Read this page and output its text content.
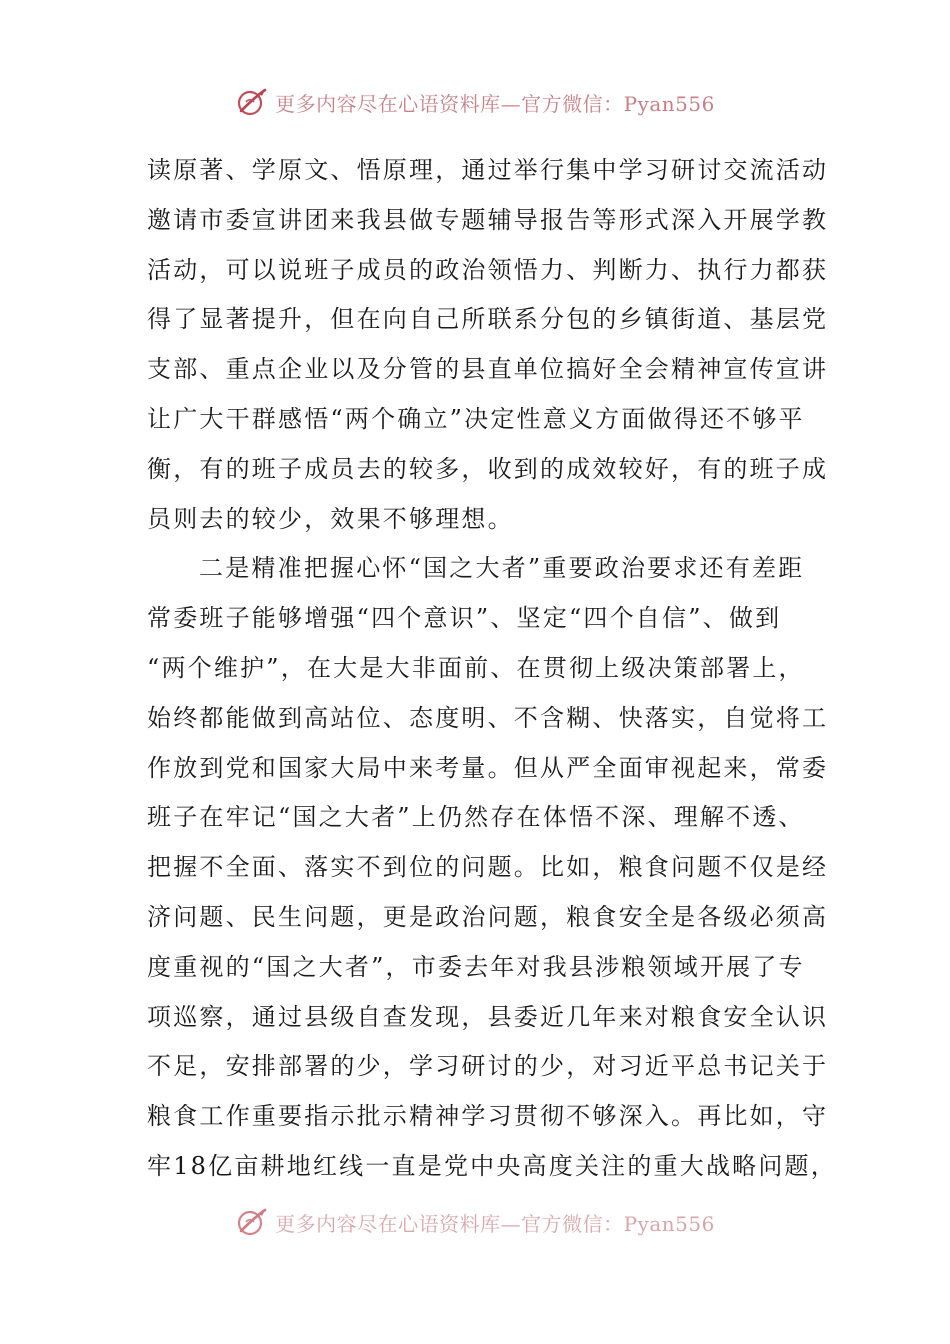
更多内容尽在心语资料库—官方微信：Pyan556
读原著、学原文、悟原理，通过举行集中学习研讨交流活动
邀请市委宣讲团来我县做专题辅导报告等形式深入开展学教
活动，可以说班子成员的政治领悟力、判断力、执行力都获
得了显著提升，但在向自己所联系分包的乡镇街道、基层党
支部、重点企业以及分管的县直单位搞好全会精神宣传宣讲
让广大干群感悟“两个确立”决定性意义方面做得还不够平
衡，有的班子成员去的较多，收到的成效较好，有的班子成
员则去的较少，效果不够理想。
二是精准把握心怀“国之大者”重要政治要求还有差距
常委班子能够增强“四个意识”、坚定“四个自信”、做到
“两个维护”，在大是大非面前、在贯彻上级决策部署上，
始终都能做到高站位、态度明、不含糊、快落实，自觉将工
作放到党和国家大局中来考量。但从严全面审视起来，常委
班子在牢记“国之大者”上仍然存在体悟不深、理解不透、
把握不全面、落实不到位的问题。比如，粮食问题不仅是经
济问题、民生问题，更是政治问题，粮食安全是各级必须高
度重视的“国之大者”，市委去年对我县涉粮领域开展了专
项巡察，通过县级自查发现，县委近几年来对粮食安全认识
不足，安排部署的少，学习研讨的少，对习近平总书记关于
粮食工作重要指示批示精神学习贯彻不够深入。再比如，守
牢18亿亩耕地红线一直是党中央高度关注的重大战略问题，
更多内容尽在心语资料库—官方微信：Pyan556
